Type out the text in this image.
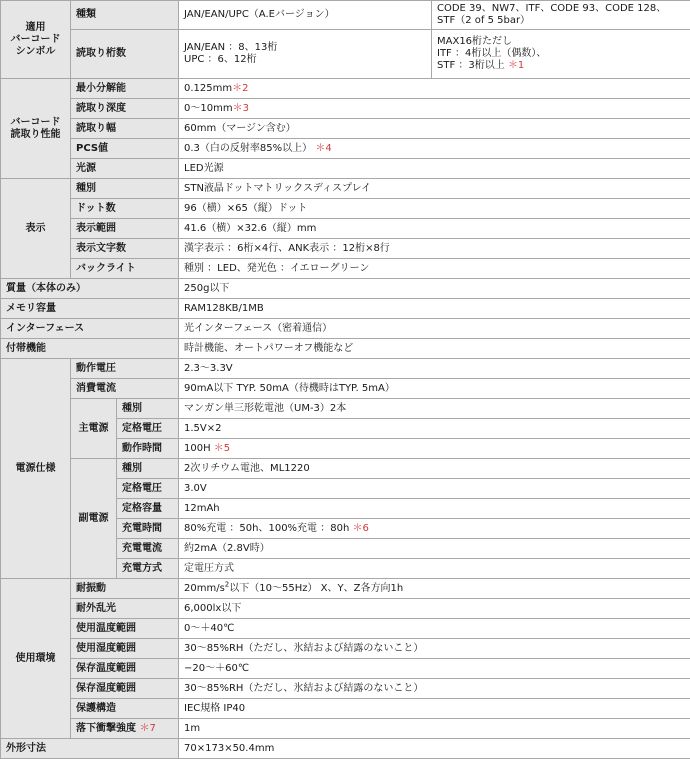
適用
バーコード
シンボル	種類		JAN/EAN/UPC（A.Eバージョン）	CODE 39、NW7、ITF、CODE 93、CODE 128、
STF（2 of 5 5bar）

	読取り桁数		JAN/EAN ：8、13桁
UPC ：6、12桁	MAX16桁ただし
ITF ：4桁以上（偶数）、
STF ：3桁以上 ＊1

バーコード
読取り性能	最小分解能		0.125mm＊2	
	読取り深度		0〜10mm＊3	
	読取り幅		60mm（マージン含む）	
	PCS値		0.3（白の反射率85%以上） ＊4	
	光源		LED光源	
表示	種別		STN液晶ドットマトリックスディスプレイ	
	ドット数		96（横）×65（縦）ドット	
	表示範囲		41.6（横）×32.6（縦）mm	
	表示文字数		漢字表示 ：6桁×4行、ANK表示 ：12桁×8行	
	バックライト		種別 ：LED、発光色 ：イエローグリーン	
質量（本体のみ）			250g以下	
メモリ容量			RAM128KB/1MB	
インターフェース			光インターフェース（密着通信）	
付帯機能			時計機能、オートパワーオフ機能など	
電源仕様	動作電圧		2.3〜3.3V	
	消費電流		90mA以下 TYP. 50mA（待機時はTYP. 5mA）	
	主電源	種別	マンガン単三形乾電池（UM-3）2本	
		定格電圧	1.5V×2	
		動作時間	100H ＊5	
	副電源	種別	2次リチウム電池、ML1220	
		定格電圧	3.0V	
		定格容量	12mAh	
		充電時間	80%充電 ：50h、100%充電 ：80h ＊6	
		充電電流	約2mA（2.8V時）	
		充電方式	定電圧方式	
使用環境	耐振動		$20mm/s^2$以下（10〜55Hz） X、Y、Z各方向1h	
	耐外乱光		6,000lx以下	
	使用温度範囲		0〜＋40℃	
	使用湿度範囲		30〜85%RH（ただし、氷結および結露のないこと）	
	保存温度範囲		−20〜＋60℃	
	保存湿度範囲		30〜85%RH（ただし、氷結および結露のないこと）	
	保護構造		IEC規格 IP40	
	落下衝撃強度 ＊7		1m	
外形寸法			70×173×50.4mm	
